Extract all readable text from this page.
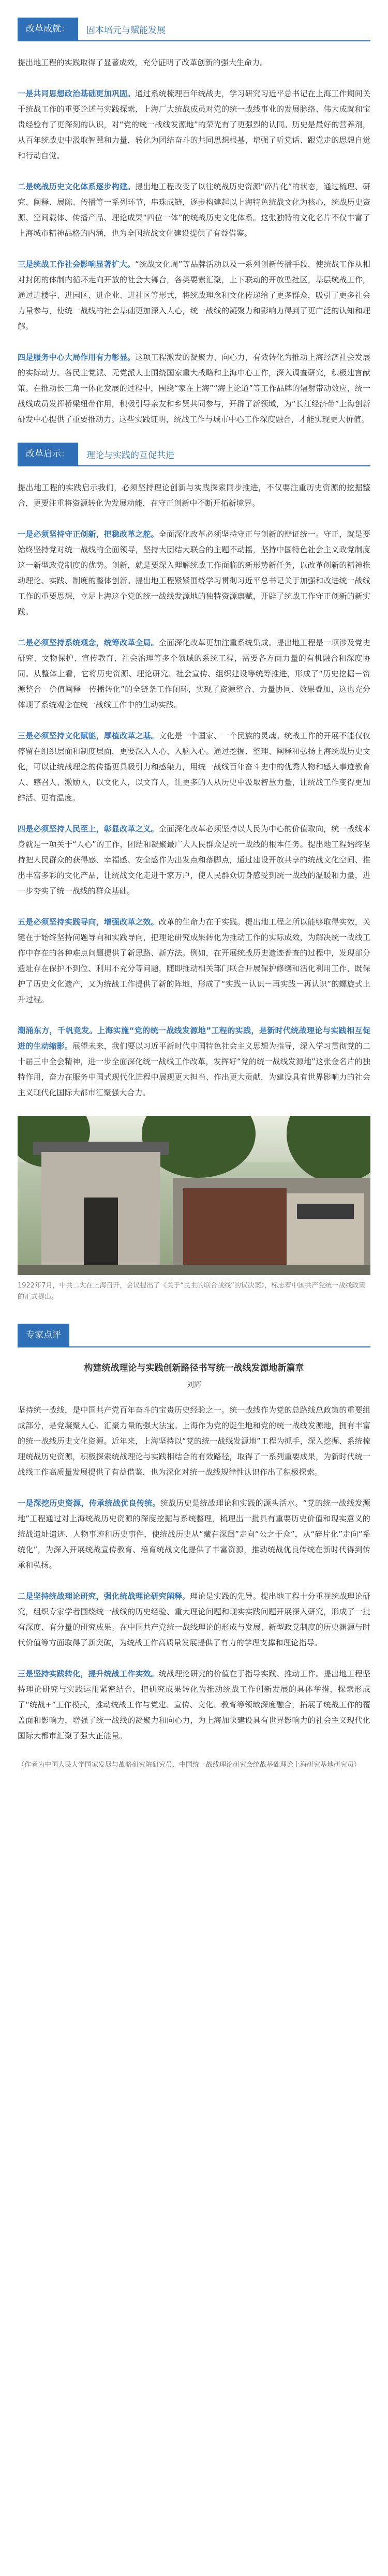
改革成就：	固本培元与赋能发展

提出地工程的实践取得了显著成效，充分证明了改革创新的强大生命力。

一是共同思想政治基础更加巩固。通过系统梳理百年统战史，学习研究习近平总书记在上海工作期间关于统战工作的重要论述与实践探索，上海厂大统战成员对党的统一战线事业的发展脉络、伟大成就和宝贵经验有了更深刻的认识，对“党的统一战线发源地”的荣光有了更强烈的认同。历史是最好的营养剂，从百年统战史中汲取智慧和力量，转化为团结奋斗的共同思想根基，增强了听党话、跟党走的思想自觉和行动自觉。

二是统战历史文化体系逐步构建。提出地工程改变了以往统战历史资源“碎片化”的状态，通过梳理、研究、阐释、展陈、传播等一系列环节，串珠成链，逐步构建起以上海特色统战文化为核心，统战历史资源、空间载体、传播产品、理论成果“四位一体”的统战历史文化体系。这张独特的文化名片不仅丰富了上海城市精神品格的内涵，也为全国统战文化建设提供了有益借鉴。

三是统战工作社会影响显著扩大。“统战文化周”等品牌活动以及一系列创新传播手段，使统战工作从相对封闭的体制内循环走向开放的社会大舞台，各类要素汇聚，上下联动的开放型社区，基层统战工作，通过进楼宇、进园区、进企业、进社区等形式，将统战理念和文化传递给了更多群众，吸引了更多社会力量参与，使统一战线的社会基础更加深入人心，统一战线的凝聚力和影响力得到了更广泛的认知和理解。

四是服务中心大局作用有力彰显。这项工程激发的凝聚力、向心力，有效转化为推动上海经济社会发展的实际动力。各民主党派、无党派人士围绕国家重大战略和上海中心工作，深入调查研究，积极建言献策。在推动长三角一体化发展的过程中，围绕“家在上海”“海上论道”等工作品牌的辐射带动效应，统一战线成员发挥桥梁纽带作用，积极引导亲友和乡贤共同参与，开辟了新领域，为“长江经济带”上海创新研发中心提供了重要推动力。这些实践证明，统战工作与城市中心工作深度融合，才能实现更大价值。

改革启示：	理论与实践的互促共进

提出地工程的实践启示我们，必须坚持理论创新与实践探索同步推进，不仅要注重历史资源的挖掘整合，更要注重将资源转化为发展动能，在守正创新中不断开拓新境界。

一是必须坚持守正创新，把稳改革之舵。全面深化改革必须坚持守正与创新的辩证统一。守正，就是要始终坚持党对统一战线的全面领导，坚持大团结大联合的主题不动摇，坚持中国特色社会主义政党制度这一新型政党制度的优势。创新，就是要深入理解统战工作面临的新形势新任务，以改革创新的精神推动理论、实践、制度的整体创新。提出地工程紧紧围绕学习贯彻习近平总书记关于加强和改进统一战线工作的重要思想，立足上海这个党的统一战线发源地的独特资源禀赋，开辟了统战工作守正创新的新实践。

二是必须坚持系统观念，统筹改革全局。全面深化改革更加注重系统集成。提出地工程是一项涉及党史研究、文物保护、宣传教育、社会治理等多个领域的系统工程，需要各方面力量的有机融合和深度协同。从整体上看，它将历史资源、理论研究、社会宣传、组织建设等统筹推进，形成了“历史挖掘－资源整合－价值阐释－传播转化”的全链条工作闭环，实现了资源整合、力量协同、效果叠加，这也充分体现了系统观念在统一战线工作中的生动实践。

三是必须坚持文化赋能，厚植改革之基。文化是一个国家、一个民族的灵魂。统战工作的开展不能仅仅停留在组织层面和制度层面，更要深入人心、入脑入心。通过挖掘、整理、阐释和弘扬上海统战历史文化，可以让统战理念的传播更具吸引力和感染力，用统一战线百年奋斗史中的优秀人物和感人事迹教育人、感召人、激励人，以文化人，以文育人，让更多的人从历史中汲取智慧力量，让统战工作变得更加鲜活、更有温度。

四是必须坚持人民至上，彰显改革之义。全面深化改革必须坚持以人民为中心的价值取向，统一战线本身就是一项关于“人心”的工作，团结和凝聚最广大人民群众是统一战线的根本任务。提出地工程始终坚持把人民群众的获得感、幸福感、安全感作为出发点和落脚点，通过建设开放共享的统战文化空间、推出丰富多彩的文化产品，让统战文化走进千家万户，使人民群众切身感受到统一战线的温暖和力量，进一步夯实了统一战线的群众基础。

五是必须坚持实践导向，增强改革之效。改革的生命力在于实践。提出地工程之所以能够取得实效，关键在于始终坚持问题导向和实践导向，把理论研究成果转化为推动工作的实际成效，为解决统一战线工作中存在的各种难点问题提供了新思路、新方法。例如，在开展统战历史遗迹普查的过程中，发现部分遗址存在保护不到位、利用不充分等问题，随即推动相关部门联合开展保护修缮和活化利用工作，既保护了历史文化遗产，又为统战工作提供了新的阵地，形成了“实践－认识－再实践－再认识”的螺旋式上升过程。

潮涌东方，千帆竞发。上海实施“党的统一战线发源地”工程的实践，是新时代统战理论与实践相互促进的生动缩影。展望未来，我们要以习近平新时代中国特色社会主义思想为指导，深入学习贯彻党的二十届三中全会精神，进一步全面深化统一战线工作改革，发挥好“党的统一战线发源地”这张金名片的独特作用，奋力在服务中国式现代化进程中展现更大担当、作出更大贡献，为建设具有世界影响力的社会主义现代化国际大都市汇聚强大合力。

1922年7月，中共二大在上海召开，会议提出了《关于“民主的联合战线”的议决案》，标志着中国共产党统一战线政策的正式提出。
专家点评
构建统战理论与实践创新路径书写统一战线发源地新篇章
刘辉

坚持统一战线，是中国共产党百年奋斗的宝贵历史经验之一。统一战线作为党的总路线总政策的重要组成部分，是党凝聚人心、汇聚力量的强大法宝。上海作为党的诞生地和党的统一战线发源地，拥有丰富的统一战线历史文化资源。近年来，上海坚持以“党的统一战线发源地”工程为抓手，深入挖掘、系统梳理统战历史资源，积极探索统战理论与实践相结合的有效路径，取得了一系列重要成果，为新时代统一战线工作高质量发展提供了有益借鉴，也为深化对统一战线规律性认识作出了积极探索。

一是深挖历史资源，传承统战优良传统。统战历史是统战理论和实践的源头活水。“党的统一战线发源地”工程通过对上海统战历史资源的深度挖掘与系统整理，梳理出一批具有重要历史价值和现实意义的统战遗址遗迹、人物事迹和历史事件，使统战历史从“藏在深闺”走向“公之于众”，从“碎片化”走向“系统化”，为深入开展统战宣传教育、培育统战文化提供了丰富资源，推动统战优良传统在新时代得到传承和弘扬。

二是坚持统战理论研究，强化统战理论研究阐释。理论是实践的先导。提出地工程十分重视统战理论研究，组织专家学者围绕统一战线的历史经验、重大理论问题和现实实践问题开展深入研究，形成了一批有深度、有分量的研究成果。在中国共产党统一战线理论的形成与发展、新型政党制度的历史渊源与时代价值等方面取得了新突破，为统战工作高质量发展提供了有力的学理支撑和理论指导。

三是坚持实践转化，提升统战工作实效。统战理论研究的价值在于指导实践、推动工作。提出地工程坚持理论研究与实践运用紧密结合，把研究成果转化为推动统战工作创新发展的具体举措，探索形成了“统战+”工作模式，推动统战工作与党建、宣传、文化、教育等领域深度融合，拓展了统战工作的覆盖面和影响力，增强了统一战线的凝聚力和向心力，为上海加快建设具有世界影响力的社会主义现代化国际大都市汇聚了强大正能量。

（作者为中国人民大学国家发展与战略研究院研究员、中国统一战线理论研究会统战基础理论上海研究基地研究员）
